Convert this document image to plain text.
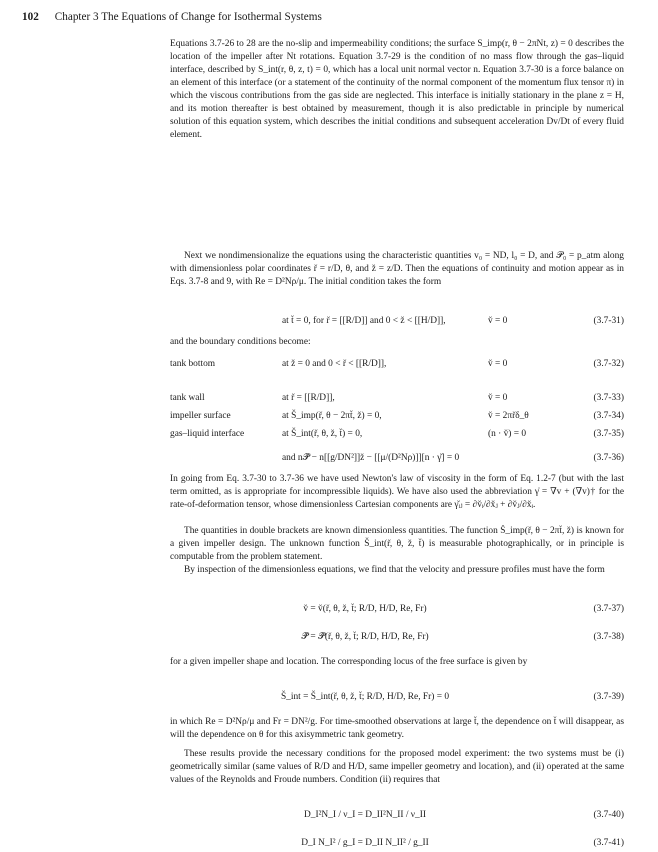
102 Chapter 3 The Equations of Change for Isothermal Systems

Equations 3.7-26 to 28 are the no-slip and impermeability conditions; the surface S_imp(r, θ − 2πNt, z) = 0 describes the location of the impeller after Nt rotations. Equation 3.7-29 is the condition of no mass flow through the gas–liquid interface, described by S_int(r, θ, z, t) = 0, which has a local unit normal vector n. Equation 3.7-30 is a force balance on an element of this interface (or a statement of the continuity of the normal component of the momentum flux tensor π) in which the viscous contributions from the gas side are neglected. This interface is initially stationary in the plane z = H, and its motion thereafter is best obtained by measurement, though it is also predictable in principle by numerical solution of this equation system, which describes the initial conditions and subsequent acceleration Dv/Dt of every fluid element.

Next we nondimensionalize the equations using the characteristic quantities v₀ = ND, l₀ = D, and 𝒫₀ = p_atm along with dimensionless polar coordinates r̆ = r/D, θ, and z̆ = z/D. Then the equations of continuity and motion appear as in Eqs. 3.7-8 and 9, with Re = D²Nρ/μ. The initial condition takes the form

at t̆ = 0, for r̆ = [[R/D]] and 0 < z̆ < [[H/D]],	v̆ = 0	(3.7-31)

and the boundary conditions become:

tank bottom	at z̆ = 0 and 0 < r̆ < [[R/D]],	v̆ = 0	(3.7-32)
tank wall	at r̆ = [[R/D]],	v̆ = 0	(3.7-33)
impeller surface	at S̆_imp(r̆, θ − 2πt̆, z̆) = 0,	v̆ = 2πr̆δ_θ	(3.7-34)
gas–liquid interface	at S̆_int(r̆, θ, z̆, t̆) = 0,	(n · v̆) = 0	(3.7-35)
and n𝒫̆ − n[[g/DN²]]z̆ − [[μ/(D²Nρ)]][n · γ̆] = 0	(3.7-36)

In going from Eq. 3.7-30 to 3.7-36 we have used Newton's law of viscosity in the form of Eq. 1.2-7 (but with the last term omitted, as is appropriate for incompressible liquids). We have also used the abbreviation γ̇ = ∇v + (∇v)† for the rate-of-deformation tensor, whose dimensionless Cartesian components are γ̆ᵢⱼ = ∂v̆ᵢ/∂x̆ⱼ + ∂v̆ⱼ/∂x̆ᵢ.

The quantities in double brackets are known dimensionless quantities. The function S̆_imp(r̆, θ − 2πt̆, z̆) is known for a given impeller design. The unknown function S̆_int(r̆, θ, z̆, t̆) is measurable photographically, or in principle is computable from the problem statement.

By inspection of the dimensionless equations, we find that the velocity and pressure profiles must have the form

v̆ = v̆(r̆, θ, z̆, t̆; R/D, H/D, Re, Fr)	(3.7-37)
𝒫̆ = 𝒫̆(r̆, θ, z̆, t̆; R/D, H/D, Re, Fr)	(3.7-38)

for a given impeller shape and location. The corresponding locus of the free surface is given by

S̆_int = S̆_int(r̆, θ, z̆, t̆; R/D, H/D, Re, Fr) = 0	(3.7-39)

in which Re = D²Nρ/μ and Fr = DN²/g. For time-smoothed observations at large t̆, the dependence on t̆ will disappear, as will the dependence on θ for this axisymmetric tank geometry.

These results provide the necessary conditions for the proposed model experiment: the two systems must be (i) geometrically similar (same values of R/D and H/D, same impeller geometry and location), and (ii) operated at the same values of the Reynolds and Froude numbers. Condition (ii) requires that

D_I²N_I / ν_I = D_II²N_II / ν_II	(3.7-40)
D_I N_I² / g_I = D_II N_II² / g_II	(3.7-41)
